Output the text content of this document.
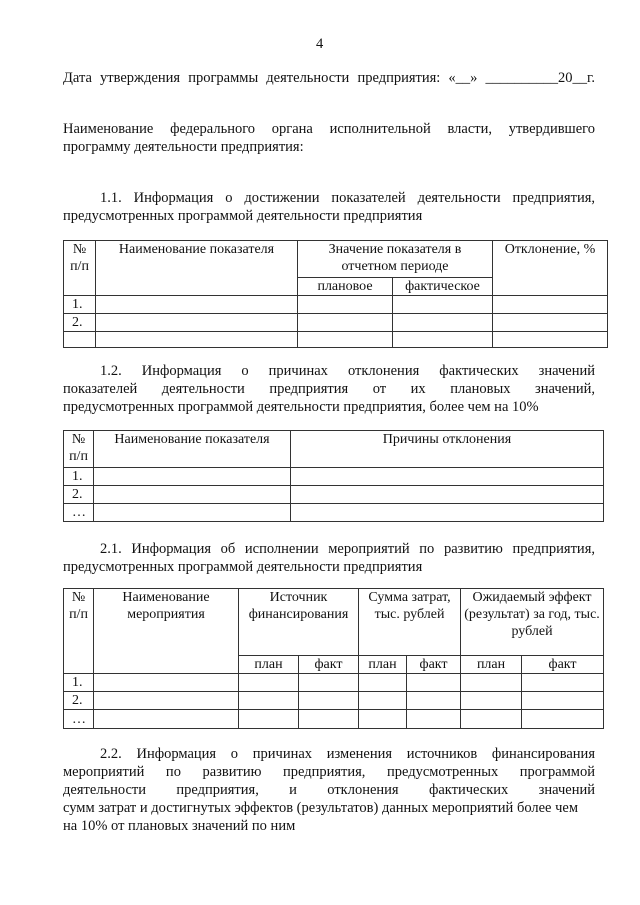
4
Дата утверждения программы деятельности предприятия: «__» __________20__г.
Наименование федерального органа исполнительной власти, утвердившего
программу деятельности предприятия:
1.1. Информация о достижении показателей деятельности предприятия,
предусмотренных программой деятельности предприятия
№ п/п	Наименование показателя	Значение показателя в отчетном периоде		Отклонение, %
		плановое	фактическое	
1.				
2.				

1.2. Информация о причинах отклонения фактических значений
показателей деятельности предприятия от их плановых значений,
предусмотренных программой деятельности предприятия, более чем на 10%
№ п/п	Наименование показателя	Причины отклонения
1.		
2.		
…		
2.1. Информация об исполнении мероприятий по развитию предприятия,
предусмотренных программой деятельности предприятия
№ п/п	Наименование мероприятия	Источник финансирования		Сумма затрат, тыс. рублей		Ожидаемый эффект (результат) за год, тыс. рублей	
		план	факт	план	факт	план	факт
1.							
2.							
…							
2.2. Информация о причинах изменения источников финансирования
мероприятий по развитию предприятия, предусмотренных программой
деятельности предприятия, и отклонения фактических значений
сумм затрат и достигнутых эффектов (результатов) данных мероприятий более чем
на 10% от плановых значений по ним
